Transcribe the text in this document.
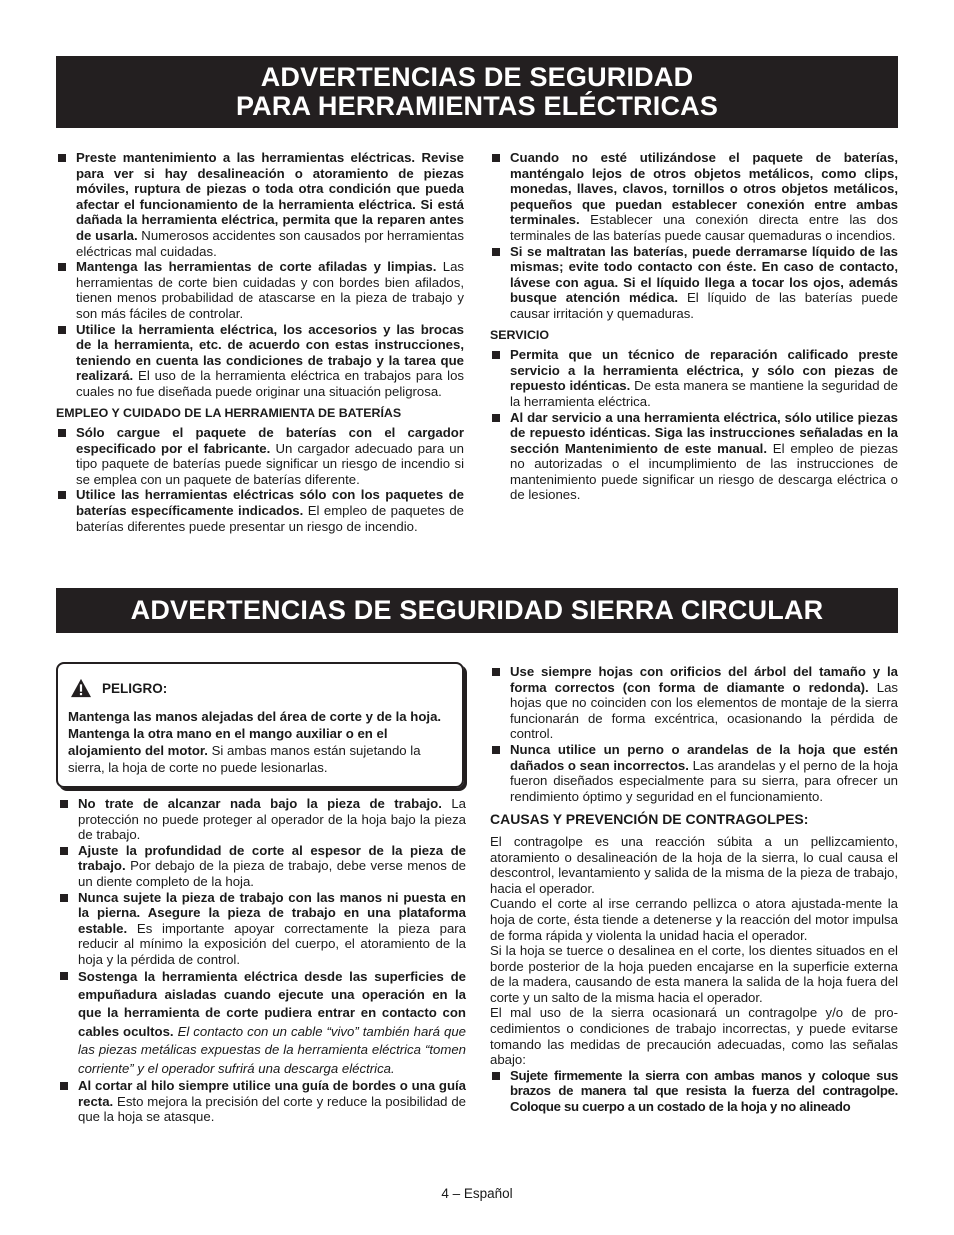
ADVERTENCIAS DE SEGURIDAD
PARA HERRAMIENTAS ELÉCTRICAS
Preste mantenimiento a las herramientas eléctricas. Revise para ver si hay desalineación o atoramiento de piezas móviles, ruptura de piezas o toda otra condición que pueda afectar el funcionamiento de la herramienta eléctrica. Si está dañada la herramienta eléctrica, permita que la reparen antes de usarla. Numerosos accidentes son causados por herramientas eléctricas mal cuidadas.
Mantenga las herramientas de corte afiladas y limpias. Las herramientas de corte bien cuidadas y con bordes bien afilados, tienen menos probabilidad de atascarse en la pieza de trabajo y son más fáciles de controlar.
Utilice la herramienta eléctrica, los accesorios y las brocas de la herramienta, etc. de acuerdo con estas instrucciones, teniendo en cuenta las condiciones de trabajo y la tarea que realizará. El uso de la herramienta eléctrica en trabajos para los cuales no fue diseñada puede originar una situación peligrosa.
EMPLEO Y CUIDADO DE LA HERRAMIENTA DE BATERÍAS
Sólo cargue el paquete de baterías con el cargador especificado por el fabricante. Un cargador adecuado para un tipo paquete de baterías puede significar un riesgo de incendio si se emplea con un paquete de baterías diferente.
Utilice las herramientas eléctricas sólo con los paquetes de baterías específicamente indicados. El empleo de paquetes de baterías diferentes puede presentar un riesgo de incendio.
Cuando no esté utilizándose el paquete de baterías, manténgalo lejos de otros objetos metálicos, como clips, monedas, llaves, clavos, tornillos o otros objetos metálicos, pequeños que puedan establecer conexión entre ambas terminales. Establecer una conexión directa entre las dos terminales de las baterías puede causar quemaduras o incendios.
Si se maltratan las baterías, puede derramarse líquido de las mismas; evite todo contacto con éste. En caso de contacto, lávese con agua. Si el líquido llega a tocar los ojos, además busque atención médica. El líquido de las baterías puede causar irritación y quemaduras.
SERVICIO
Permita que un técnico de reparación calificado preste servicio a la herramienta eléctrica, y sólo con piezas de repuesto idénticas. De esta manera se mantiene la seguridad de la herramienta eléctrica.
Al dar servicio a una herramienta eléctrica, sólo utilice piezas de repuesto idénticas. Siga las instrucciones señaladas en la sección Mantenimiento de este manual. El empleo de piezas no autorizadas o el incumplimiento de las instrucciones de mantenimiento puede significar un riesgo de descarga eléctrica o de lesiones.
ADVERTENCIAS DE SEGURIDAD SIERRA CIRCULAR
PELIGRO:
Mantenga las manos alejadas del área de corte y de la hoja. Mantenga la otra mano en el mango auxiliar o en el alojamiento del motor. Si ambas manos están sujetando la sierra, la hoja de corte no puede lesionarlas.
No trate de alcanzar nada bajo la pieza de trabajo. La protección no puede proteger al operador de la hoja bajo la pieza de trabajo.
Ajuste la profundidad de corte al espesor de la pieza de trabajo. Por debajo de la pieza de trabajo, debe verse menos de un diente completo de la hoja.
Nunca sujete la pieza de trabajo con las manos ni puesta en la pierna. Asegure la pieza de trabajo en una plataforma estable. Es importante apoyar correctamente la pieza para reducir al mínimo la exposición del cuerpo, el atoramiento de la hoja y la pérdida de control.
Sostenga la herramienta eléctrica desde las superficies de empuñadura aisladas cuando ejecute una operación en la que la herramienta de corte pudiera entrar en contacto con cables ocultos. El contacto con un cable “vivo” también hará que las piezas metálicas expuestas de la herramienta eléctrica “tomen corriente” y el operador sufrirá una descarga eléctrica.
Al cortar al hilo siempre utilice una guía de bordes o una guía recta. Esto mejora la precisión del corte y reduce la posibilidad de que la hoja se atasque.
Use siempre hojas con orificios del árbol del tamaño y la forma correctos (con forma de diamante o redonda). Las hojas que no coinciden con los elementos de montaje de la sierra funcionarán de forma excéntrica, ocasionando la pérdida de control.
Nunca utilice un perno o arandelas de la hoja que estén dañados o sean incorrectos. Las arandelas y el perno de la hoja fueron diseñados especialmente para su sierra, para ofrecer un rendimiento óptimo y seguridad en el funcionamiento.
CAUSAS Y PREVENCIÓN DE CONTRAGOLPES:

El contragolpe es una reacción súbita a un pellizcamiento, atoramiento o desalineación de la hoja de la sierra, lo cual causa el descontrol, levantamiento y salida de la misma de la pieza de trabajo, hacia el operador.

Cuando el corte al irse cerrando pellizca o atora ajustada-mente la hoja de corte, ésta tiende a detenerse y la reacción del motor impulsa de forma rápida y violenta la unidad hacia el operador.

Si la hoja se tuerce o desalinea en el corte, los dientes situados en el borde posterior de la hoja pueden encajarse en la superficie externa de la madera, causando de esta manera la salida de la hoja fuera del corte y un salto de la misma hacia el operador.

El mal uso de la sierra ocasionará un contragolpe y/o de pro-cedimientos o condiciones de trabajo incorrectas, y puede evitarse tomando las medidas de precaución adecuadas, como las señalas abajo:

Sujete firmemente la sierra con ambas manos y coloque sus brazos de manera tal que resista la fuerza del contragolpe. Coloque su cuerpo a un costado de la hoja y no alineado
4 – Español
